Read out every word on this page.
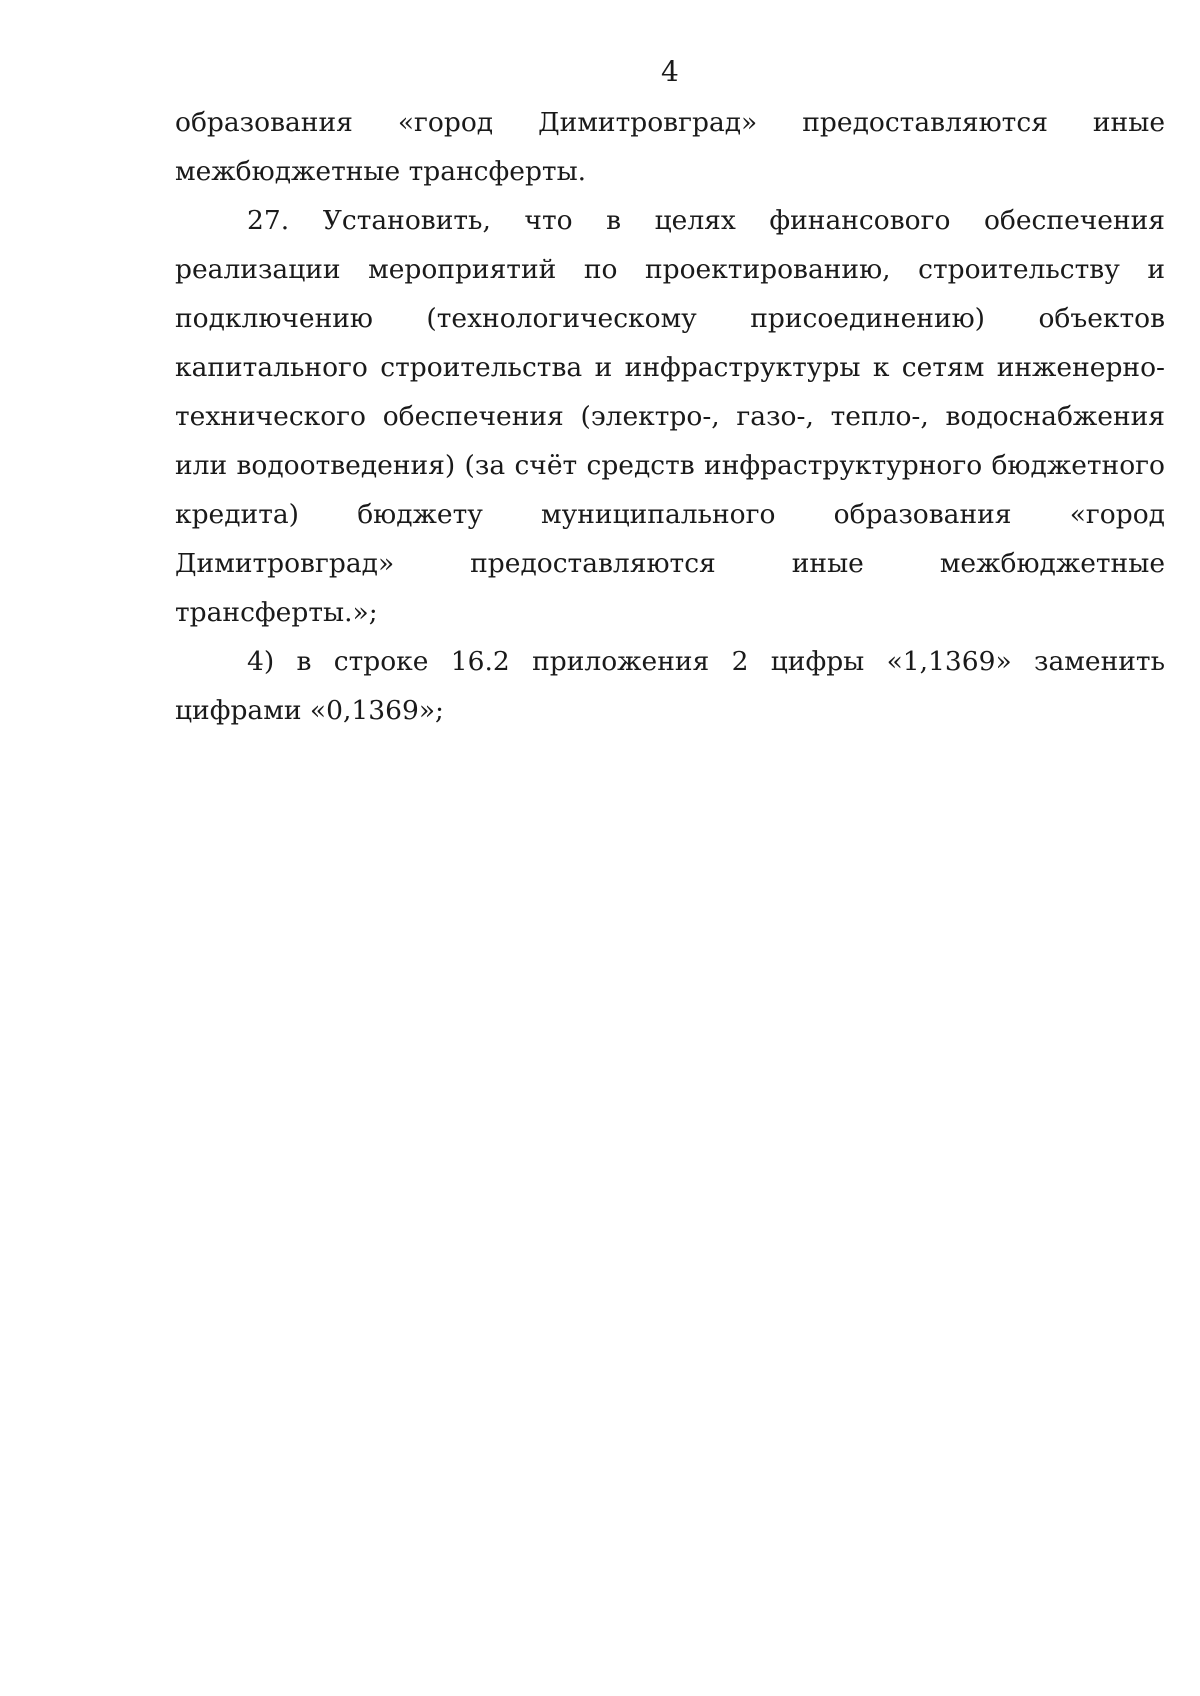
4

образования «город Димитровград» предоставляются иные межбюджетные трансферты.

27. Установить, что в целях финансового обеспечения реализации мероприятий по проектированию, строительству и подключению (технологическому присоединению) объектов капитального строительства и инфраструктуры к сетям инженерно-технического обеспечения (электро-, газо-, тепло-, водоснабжения или водоотведения) (за счёт средств инфраструктурного бюджетного кредита) бюджету муниципального образования «город Димитровград» предоставляются иные межбюджетные трансферты.»;

4) в строке 16.2 приложения 2 цифры «1,1369» заменить цифрами «0,1369»;
